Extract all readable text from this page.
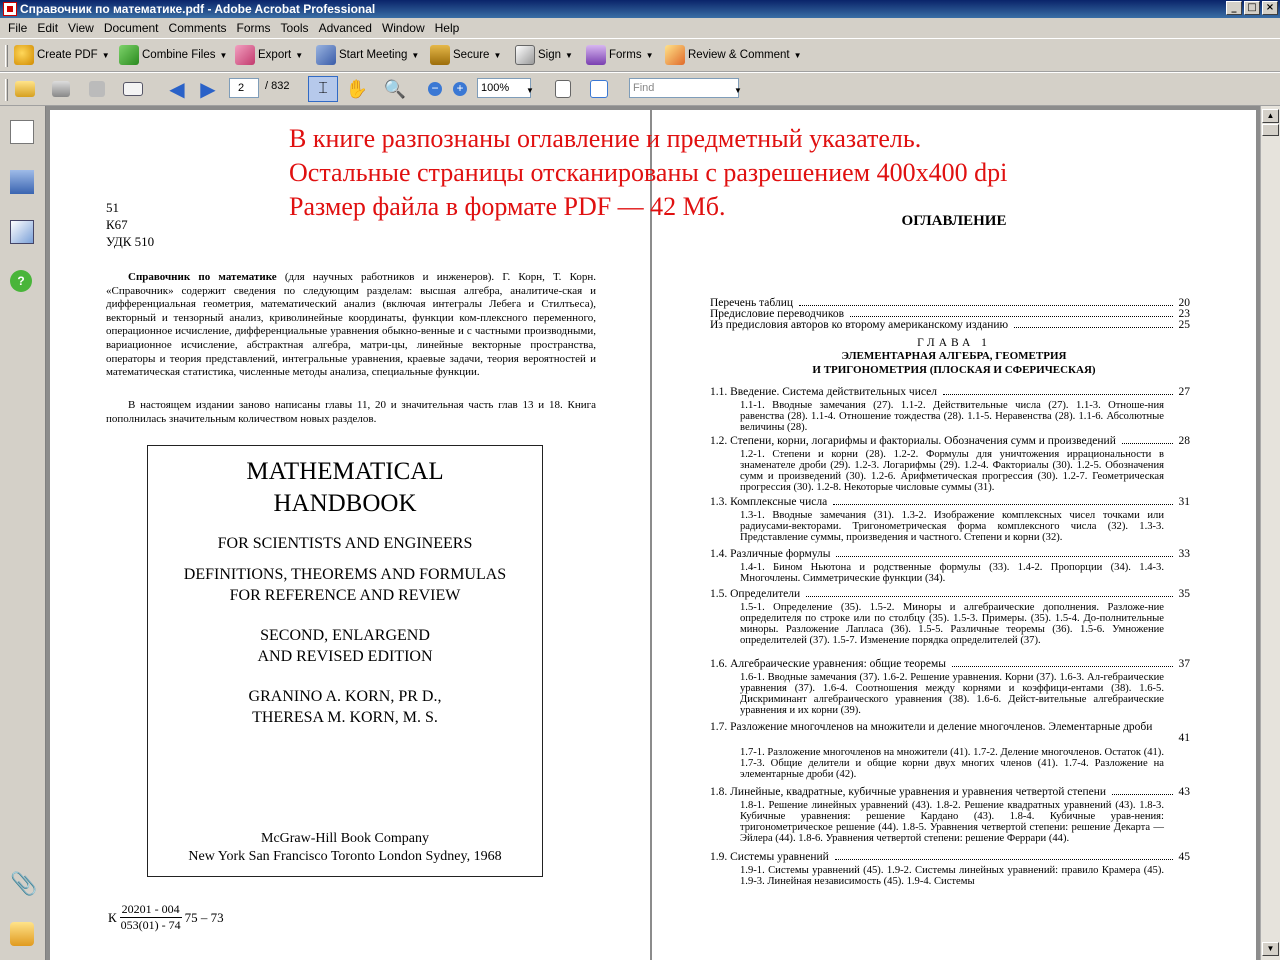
Справочник по математике.pdf - Adobe Acrobat Professional	_	□ ×
File Edit View Document Comments Forms Tools Advanced Window Help
Create PDF ▼	Combine Files ▼	Export ▼	Start Meeting ▼	Secure ▼	Sign ▼	Forms ▼	Review & Comment ▼
◀ ▶	2	/ 832 ⌶ ✋ 🔍 − +	100%	▼	Find	▼
?
📎
51
К67
УДК 510
Справочник по математике (для научных работников и инженеров). Г. Корн, Т. Корн. «Справочник» содержит сведения по следующим разделам: высшая алгебра, аналитиче-ская и дифференциальная геометрия, математический анализ (включая интегралы Лебега и Стилтьеса), векторный и тензорный анализ, криволинейные координаты, функции ком-плексного переменного, операционное исчисление, дифференциальные уравнения обыкно-венные и с частными производными, вариационное исчисление, абстрактная алгебра, матри-цы, линейные векторные пространства, операторы и теория представлений, интегральные уравнения, краевые задачи, теория вероятностей и математическая статистика, численные методы анализа, специальные функции.
В настоящем издании заново написаны главы 11, 20 и значительная часть глав 13 и 18. Книга пополнилась значительным количеством новых разделов.
MATHEMATICAL
HANDBOOK
FOR SCIENTISTS AND ENGINEERS
DEFINITIONS, THEOREMS AND FORMULAS
FOR REFERENCE AND REVIEW
SECOND, ENLARGEND
AND REVISED EDITION
GRANINO A. KORN, PR D.,
THERESA M. KORN, M. S.
McGraw-Hill Book Company
New York San Francisco Toronto London Sydney, 1968
К $\frac{20201 - 004}{053(01) - 74} 75 - 73$
ОГЛАВЛЕНИЕ
Перечень таблиц	20
Предисловие переводчиков	23
Из предисловия авторов ко второму американскому изданию	25
ГЛАВА 1
ЭЛЕМЕНТАРНАЯ АЛГЕБРА, ГЕОМЕТРИЯ
И ТРИГОНОМЕТРИЯ (ПЛОСКАЯ И СФЕРИЧЕСКАЯ)
1.1. Введение. Система действительных чисел	27
1.1-1. Вводные замечания (27). 1.1-2. Действительные числа (27). 1.1-3. Отноше-ния равенства (28). 1.1-4. Отношение тождества (28). 1.1-5. Неравенства (28). 1.1-6. Абсолютные величины (28).
1.2. Степени, корни, логарифмы и факториалы. Обозначения сумм и произведений	28
1.2-1. Степени и корни (28). 1.2-2. Формулы для уничтожения иррациональности в знаменателе дроби (29). 1.2-3. Логарифмы (29). 1.2-4. Факториалы (30). 1.2-5. Обозначения сумм и произведений (30). 1.2-6. Арифметическая прогрессия (30). 1.2-7. Геометрическая прогрессия (30). 1.2-8. Некоторые числовые суммы (31).
1.3. Комплексные числа	31
1.3-1. Вводные замечания (31). 1.3-2. Изображение комплексных чисел точками или радиусами-векторами. Тригонометрическая форма комплексного числа (32). 1.3-3. Представление суммы, произведения и частного. Степени и корни (32).
1.4. Различные формулы	33
1.4-1. Бином Ньютона и родственные формулы (33). 1.4-2. Пропорции (34). 1.4-3. Многочлены. Симметрические функции (34).
1.5. Определители	35
1.5-1. Определение (35). 1.5-2. Миноры и алгебраические дополнения. Разложе-ние определителя по строке или по столбцу (35). 1.5-3. Примеры. (35). 1.5-4. До-полнительные миноры. Разложение Лапласа (36). 1.5-5. Различные теоремы (36). 1.5-6. Умножение определителей (37). 1.5-7. Изменение порядка определителей (37).
1.6. Алгебраические уравнения: общие теоремы	37
1.6-1. Вводные замечания (37). 1.6-2. Решение уравнения. Корни (37). 1.6-3. Ал-гебраические уравнения (37). 1.6-4. Соотношения между корнями и коэффици-ентами (38). 1.6-5. Дискриминант алгебраического уравнения (38). 1.6-6. Дейст-вительные алгебраические уравнения и их корни (39).
1.7. Разложение многочленов на множители и деление многочленов. Элементарные дроби
41
1.7-1. Разложение многочленов на множители (41). 1.7-2. Деление многочленов. Остаток (41). 1.7-3. Общие делители и общие корни двух многих членов (41). 1.7-4. Разложение на элементарные дроби (42).
1.8. Линейные, квадратные, кубичные уравнения и уравнения четвертой степени	43
1.8-1. Решение линейных уравнений (43). 1.8-2. Решение квадратных уравнений (43). 1.8-3. Кубичные уравнения: решение Кардано (43). 1.8-4. Кубичные урав-нения: тригонометрическое решение (44). 1.8-5. Уравнения четвертой степени: решение Декарта — Эйлера (44). 1.8-6. Уравнения четвертой степени: решение Феррари (44).
1.9. Системы уравнений	45
1.9-1. Системы уравнений (45). 1.9-2. Системы линейных уравнений: правило Крамера (45). 1.9-3. Линейная независимость (45). 1.9-4. Системы
В книге разпознаны оглавление и предметный указатель.
Остальные страницы отсканированы с разрешением 400x400 dpi
Размер файла в формате PDF — 42 Мб.
▲
▼
